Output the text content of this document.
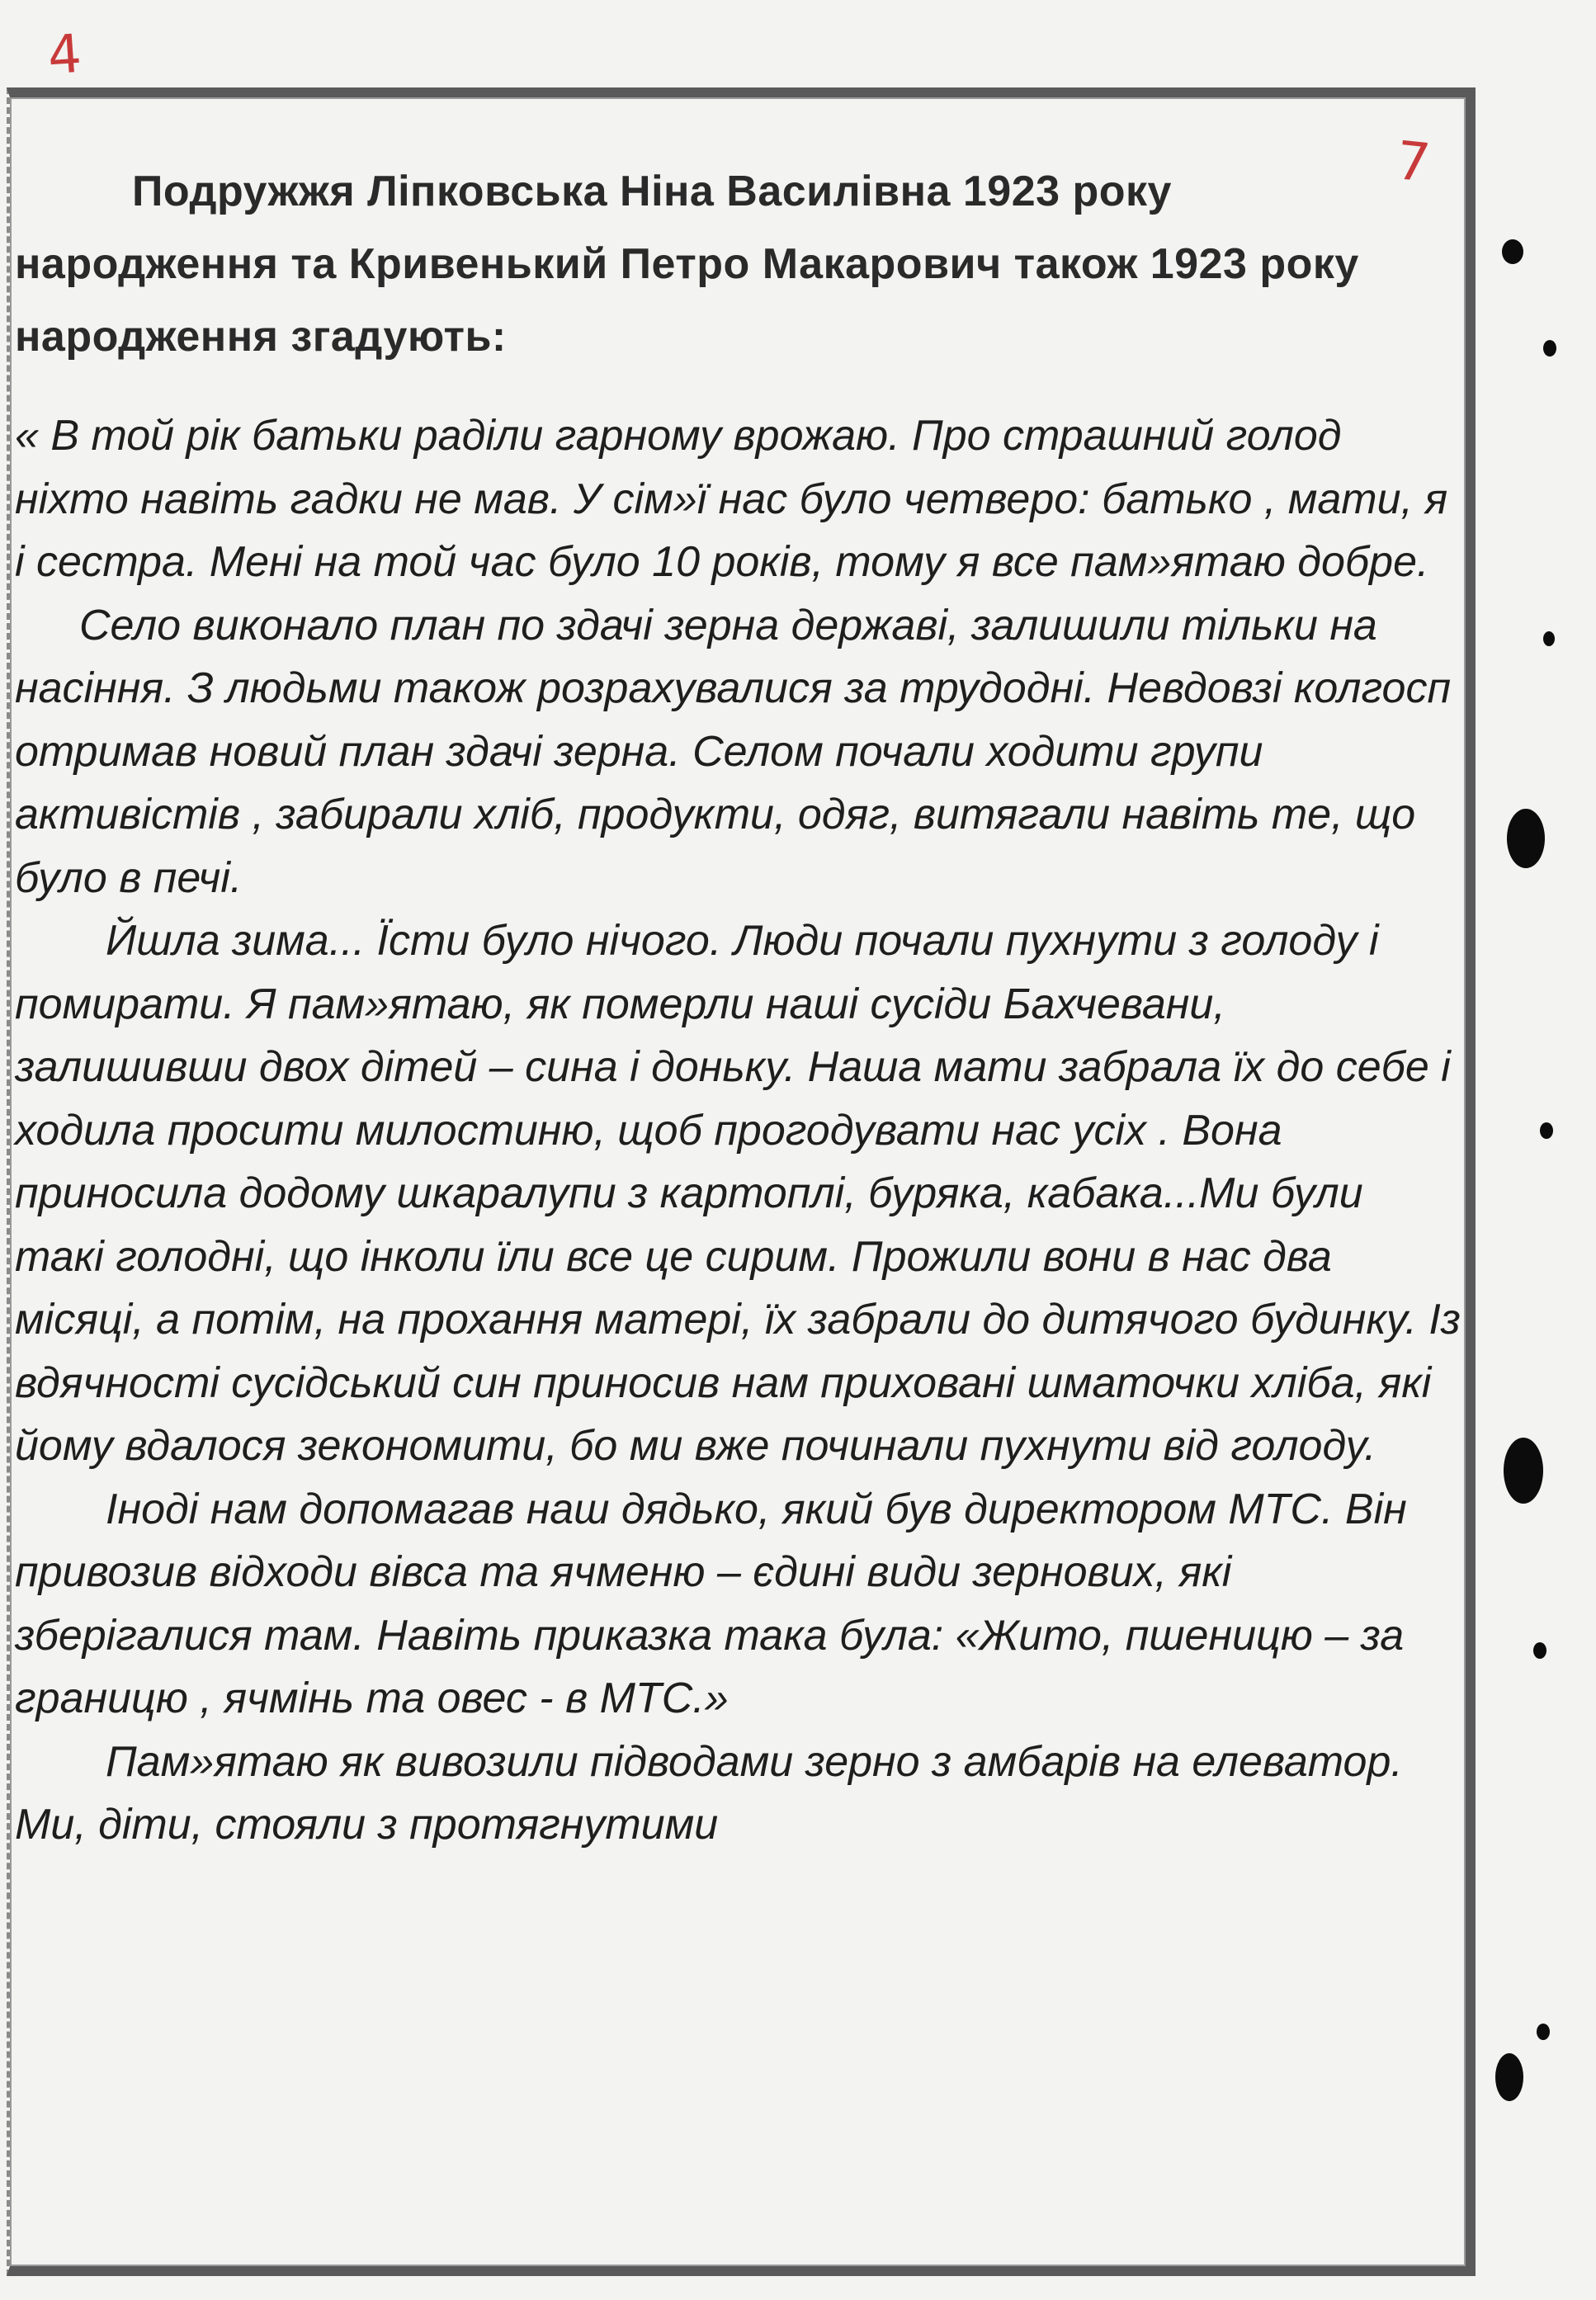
4
7
Подружжя Ліпковська Ніна Василівна 1923 року народження та Кривенький Петро Макарович також 1923 року народження згадують:

« В той рік батьки раділи гарному врожаю. Про страшний голод ніхто навіть гадки не мав. У сім»ї нас було четверо: батько , мати, я і сестра. Мені на той час було 10 років, тому я все пам»ятаю добре.

Село виконало план по здачі зерна державі, залишили тільки на насіння. З людьми також розрахувалися за трудодні. Невдовзі колгосп отримав новий план здачі зерна. Селом почали ходити групи активістів , забирали хліб, продукти, одяг, витягали навіть те, що було в печі.

Йшла зима... Їсти було нічого. Люди почали пухнути з голоду і помирати. Я пам»ятаю, як померли наші сусіди Бахчевани, залишивши двох дітей – сина і доньку. Наша мати забрала їх до себе і ходила просити милостиню, щоб прогодувати нас усіх . Вона приносила додому шкаралупи з картоплі, буряка, кабака...Ми були такі голодні, що інколи їли все це сирим. Прожили вони в нас два місяці, а потім, на прохання матері, їх забрали до дитячого будинку. Із вдячності сусідський син приносив нам приховані шматочки хліба, які йому вдалося зекономити, бо ми вже починали пухнути від голоду.

Іноді нам допомагав наш дядько, який був директором МТС. Він привозив відходи вівса та ячменю – єдині види зернових, які зберігалися там. Навіть приказка така була: «Жито, пшеницю – за границю , ячмінь та овес - в МТС.»

Пам»ятаю як вивозили підводами зерно з амбарів на елеватор. Ми, діти, стояли з протягнутими
